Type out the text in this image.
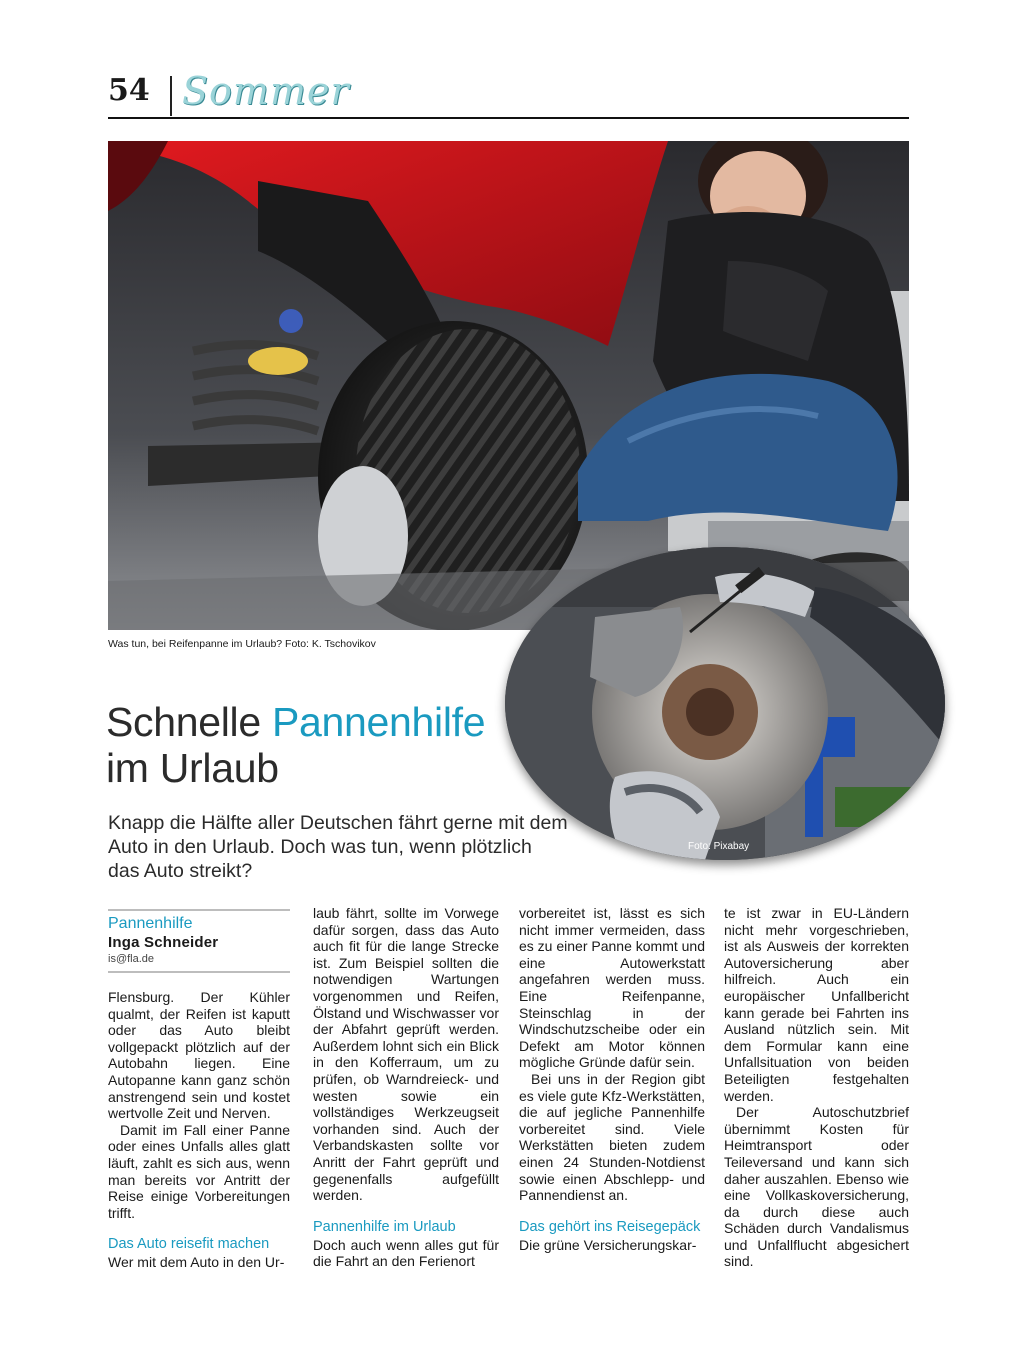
54 Sommer
Was tun, bei Reifenpanne im Urlaub? Foto: K. Tschovikov
Foto: Pixabay
Schnelle Pannenhilfe
im Urlaub
Knapp die Hälfte aller Deutschen fährt gerne mit dem Auto in den Urlaub. Doch was tun, wenn plötzlich das Auto streikt?
Pannenhilfe
Inga Schneider
is@fla.de

Flensburg. Der Kühler qualmt, der Reifen ist kaputt oder das Auto bleibt vollgepackt plötzlich auf der Autobahn liegen. Eine Autopanne kann ganz schön anstrengend sein und kostet wertvolle Zeit und Nerven.

Damit im Fall einer Panne oder eines Unfalls alles glatt läuft, zahlt es sich aus, wenn man bereits vor Antritt der Reise einige Vorbereitungen trifft.

Das Auto reisefit machen

Wer mit dem Auto in den Ur-

laub fährt, sollte im Vorwege dafür sorgen, dass das Auto auch fit für die lange Strecke ist. Zum Beispiel sollten die notwendigen Wartungen vorgenommen und Reifen, Ölstand und Wischwasser vor der Abfahrt geprüft werden. Außerdem lohnt sich ein Blick in den Kofferraum, um zu prüfen, ob Warndreieck- und westen sowie ein vollständiges Werkzeugseit vorhanden sind. Auch der Verbandskasten sollte vor Anritt der Fahrt geprüft und gegenenfalls aufgefüllt werden.

Pannenhilfe im Urlaub

Doch auch wenn alles gut für die Fahrt an den Ferienort

vorbereitet ist, lässt es sich nicht immer vermeiden, dass es zu einer Panne kommt und eine Autowerkstatt angefahren werden muss. Eine Reifenpanne, Steinschlag in der Windschutzscheibe oder ein Defekt am Motor können mögliche Gründe dafür sein.

Bei uns in der Region gibt es viele gute Kfz-Werkstätten, die auf jegliche Pannenhilfe vorbereitet sind. Viele Werkstätten bieten zudem einen 24 Stunden-Notdienst sowie einen Abschlepp- und Pannendienst an.

Das gehört ins Reisegepäck

Die grüne Versicherungskar-

te ist zwar in EU-Ländern nicht mehr vorgeschrieben, ist als Ausweis der korrekten Autoversicherung aber hilfreich. Auch ein europäischer Unfallbericht kann gerade bei Fahrten ins Ausland nützlich sein. Mit dem Formular kann eine Unfallsituation von beiden Beteiligten festgehalten werden.

Der Autoschutzbrief übernimmt Kosten für Heimtransport oder Teileversand und kann sich daher auszahlen. Ebenso wie eine Vollkaskoversicherung, da durch diese auch Schäden durch Vandalismus und Unfallflucht abgesichert sind.
